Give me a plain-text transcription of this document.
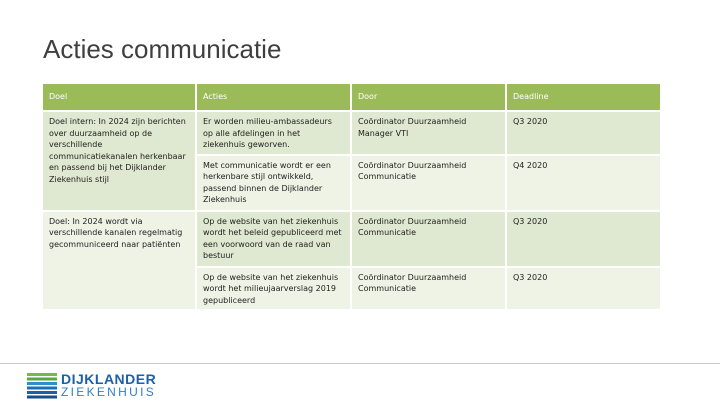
Acties communicatie
Doel	Acties	Door	Deadline
Doel intern: In 2024 zijn berichten over duurzaamheid op de verschillende communicatiekanalen herkenbaar en passend bij het Dijklander Ziekenhuis stijl	Er worden milieu-ambassadeurs op alle afdelingen in het ziekenhuis geworven.	Coördinator Duurzaamheid Manager VTI	Q3 2020
	Met communicatie wordt er een herkenbare stijl ontwikkeld, passend binnen de Dijklander Ziekenhuis	Coördinator Duurzaamheid Communicatie	Q4 2020
Doel: In 2024 wordt via verschillende kanalen regelmatig gecommuniceerd naar patiënten	Op de website van het ziekenhuis wordt het beleid gepubliceerd met een voorwoord van de raad van bestuur	Coördinator Duurzaamheid Communicatie	Q3 2020
	Op de website van het ziekenhuis wordt het milieujaarverslag 2019 gepubliceerd	Coördinator Duurzaamheid Communicatie	Q3 2020
DIJKLANDER
ZIEKENHUIS
